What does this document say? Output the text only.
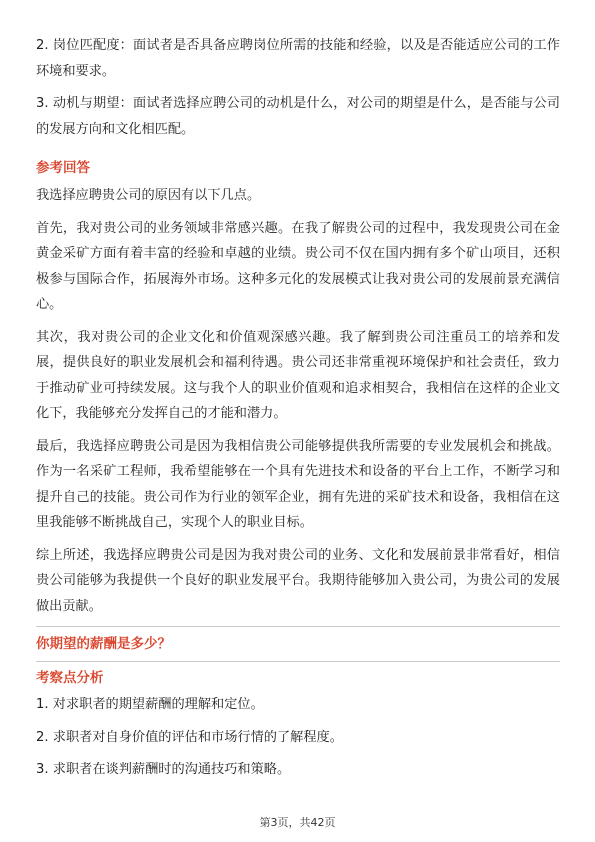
2. 岗位匹配度：面试者是否具备应聘岗位所需的技能和经验，以及是否能适应公司的工作环境和要求。

3. 动机与期望：面试者选择应聘公司的动机是什么，对公司的期望是什么，是否能与公司的发展方向和文化相匹配。

参考回答

我选择应聘贵公司的原因有以下几点。

首先，我对贵公司的业务领域非常感兴趣。在我了解贵公司的过程中，我发现贵公司在金黄金采矿方面有着丰富的经验和卓越的业绩。贵公司不仅在国内拥有多个矿山项目，还积极参与国际合作，拓展海外市场。这种多元化的发展模式让我对贵公司的发展前景充满信心。

其次，我对贵公司的企业文化和价值观深感兴趣。我了解到贵公司注重员工的培养和发展，提供良好的职业发展机会和福利待遇。贵公司还非常重视环境保护和社会责任，致力于推动矿业可持续发展。这与我个人的职业价值观和追求相契合，我相信在这样的企业文化下，我能够充分发挥自己的才能和潜力。

最后，我选择应聘贵公司是因为我相信贵公司能够提供我所需要的专业发展机会和挑战。作为一名采矿工程师，我希望能够在一个具有先进技术和设备的平台上工作，不断学习和提升自己的技能。贵公司作为行业的领军企业，拥有先进的采矿技术和设备，我相信在这里我能够不断挑战自己，实现个人的职业目标。

综上所述，我选择应聘贵公司是因为我对贵公司的业务、文化和发展前景非常看好，相信贵公司能够为我提供一个良好的职业发展平台。我期待能够加入贵公司，为贵公司的发展做出贡献。

你期望的薪酬是多少？
考察点分析

1. 对求职者的期望薪酬的理解和定位。

2. 求职者对自身价值的评估和市场行情的了解程度。

3. 求职者在谈判薪酬时的沟通技巧和策略。

第3页，共42页
